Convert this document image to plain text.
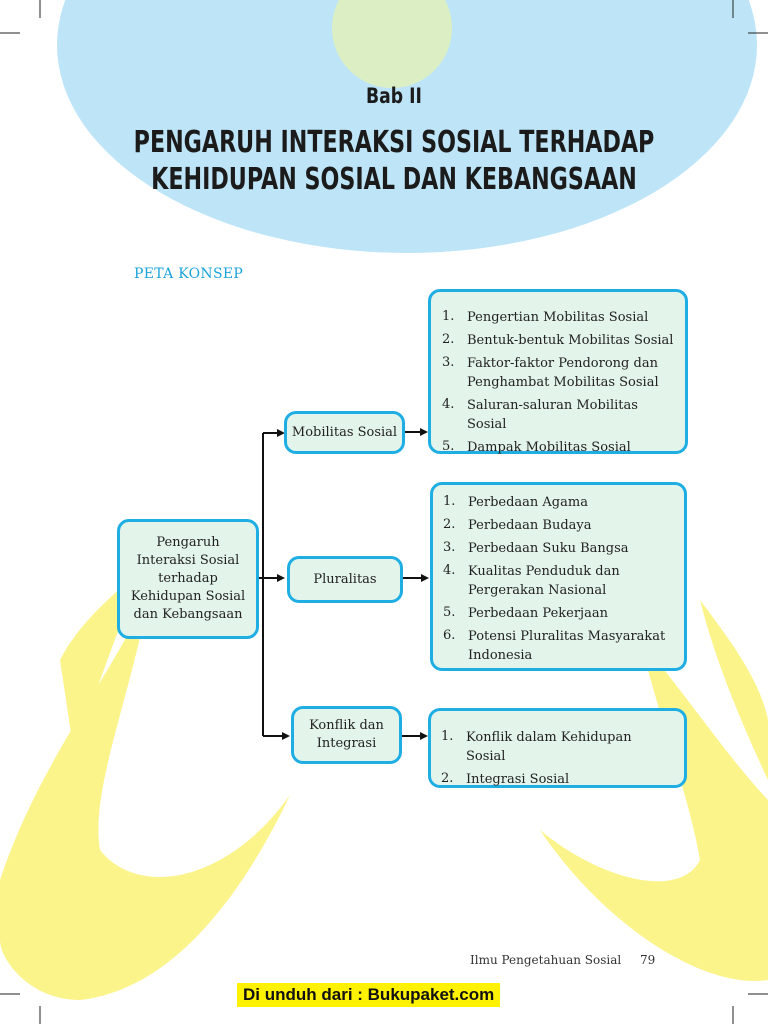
Bab II
PENGARUH INTERAKSI SOSIAL TERHADAP
KEHIDUPAN SOSIAL DAN KEBANGSAAN
PETA KONSEP
Pengaruh Interaksi Sosial terhadap Kehidupan Sosial dan Kebangsaan
Mobilitas Sosial
Pluralitas
Konflik dan Integrasi
1. Pengertian Mobilitas Sosial
2. Bentuk-bentuk Mobilitas Sosial
3. Faktor-faktor Pendorong dan Penghambat Mobilitas Sosial
4. Saluran-saluran Mobilitas Sosial
5. Dampak Mobilitas Sosial
1. Perbedaan Agama
2. Perbedaan Budaya
3. Perbedaan Suku Bangsa
4. Kualitas Penduduk dan Pergerakan Nasional
5. Perbedaan Pekerjaan
6. Potensi Pluralitas Masyarakat Indonesia
1. Konflik dalam Kehidupan Sosial
2. Integrasi Sosial
Ilmu Pengetahuan Sosial 79
Di unduh dari : Bukupaket.com
